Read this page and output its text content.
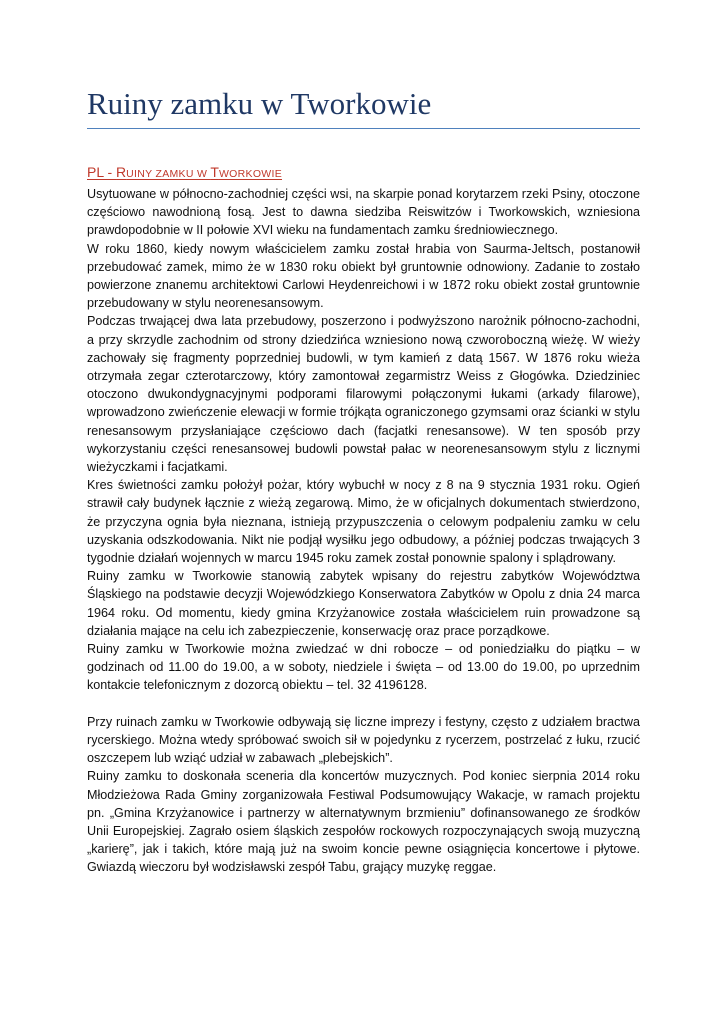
Ruiny zamku w Tworkowie
PL - RUINY ZAMKU W TWORKOWIE

Usytuowane w północno-zachodniej części wsi, na skarpie ponad korytarzem rzeki Psiny, otoczone częściowo nawodnioną fosą. Jest to dawna siedziba Reiswitzów i Tworkowskich, wzniesiona prawdopodobnie w II połowie XVI wieku na fundamentach zamku średniowiecznego.

W roku 1860, kiedy nowym właścicielem zamku został hrabia von Saurma-Jeltsch, postanowił przebudować zamek, mimo że w 1830 roku obiekt był gruntownie odnowiony. Zadanie to zostało powierzone znanemu architektowi Carlowi Heydenreichowi i w 1872 roku obiekt został gruntownie przebudowany w stylu neorenesansowym.

Podczas trwającej dwa lata przebudowy, poszerzono i podwyższono narożnik północno-zachodni, a przy skrzydle zachodnim od strony dziedzińca wzniesiono nową czworoboczną wieżę. W wieży zachowały się fragmenty poprzedniej budowli, w tym kamień z datą 1567. W 1876 roku wieża otrzymała zegar czterotarczowy, który zamontował zegarmistrz Weiss z Głogówka. Dziedziniec otoczono dwukondygnacyjnymi podporami filarowymi połączonymi łukami (arkady filarowe), wprowadzono zwieńczenie elewacji w formie trójkąta ograniczonego gzymsami oraz ścianki w stylu renesansowym przysłaniające częściowo dach (facjatki renesansowe). W ten sposób przy wykorzystaniu części renesansowej budowli powstał pałac w neorenesansowym stylu z licznymi wieżyczkami i facjatkami.

Kres świetności zamku położył pożar, który wybuchł w nocy z 8 na 9 stycznia 1931 roku. Ogień strawił cały budynek łącznie z wieżą zegarową. Mimo, że w oficjalnych dokumentach stwierdzono, że przyczyna ognia była nieznana, istnieją przypuszczenia o celowym podpaleniu zamku w celu uzyskania odszkodowania. Nikt nie podjął wysiłku jego odbudowy, a później podczas trwających 3 tygodnie działań wojennych w marcu 1945 roku zamek został ponownie spalony i splądrowany.

Ruiny zamku w Tworkowie stanowią zabytek wpisany do rejestru zabytków Województwa Śląskiego na podstawie decyzji Wojewódzkiego Konserwatora Zabytków w Opolu z dnia 24 marca 1964 roku. Od momentu, kiedy gmina Krzyżanowice została właścicielem ruin prowadzone są działania mające na celu ich zabezpieczenie, konserwację oraz prace porządkowe.

Ruiny zamku w Tworkowie można zwiedzać w dni robocze – od poniedziałku do piątku – w godzinach od 11.00 do 19.00, a w soboty, niedziele i święta – od 13.00 do 19.00, po uprzednim kontakcie telefonicznym z dozorcą obiektu – tel. 32 4196128.

Przy ruinach zamku w Tworkowie odbywają się liczne imprezy i festyny, często z udziałem bractwa rycerskiego. Można wtedy spróbować swoich sił w pojedynku z rycerzem, postrzelać z łuku, rzucić oszczepem lub wziąć udział w zabawach „plebejskich”.

Ruiny zamku to doskonała sceneria dla koncertów muzycznych. Pod koniec sierpnia 2014 roku Młodzieżowa Rada Gminy zorganizowała Festiwal Podsumowujący Wakacje, w ramach projektu pn. „Gmina Krzyżanowice i partnerzy w alternatywnym brzmieniu” dofinansowanego ze środków Unii Europejskiej. Zagrało osiem śląskich zespołów rockowych rozpoczynających swoją muzyczną „karierę”, jak i takich, które mają już na swoim koncie pewne osiągnięcia koncertowe i płytowe. Gwiazdą wieczoru był wodzisławski zespół Tabu, grający muzykę reggae.
